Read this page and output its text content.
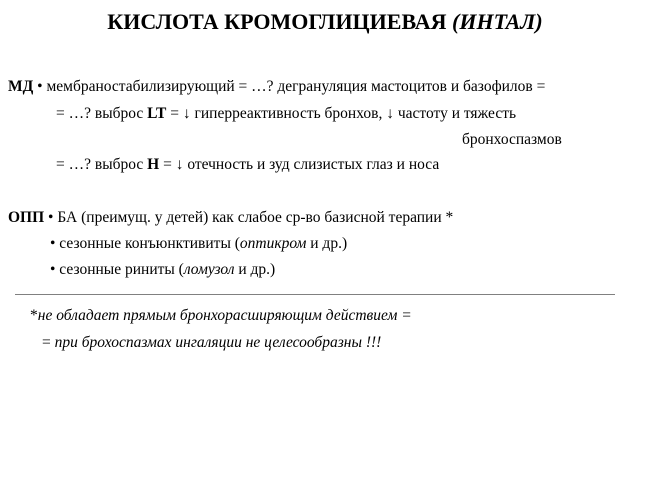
КИСЛОТА КРОМОГЛИЦИЕВАЯ (ИНТАЛ)
МД • мембраностабилизирующий = …? дегрануляция мастоцитов и базофилов =
= …? выброс LT = ↓ гиперреактивность бронхов, ↓ частоту и тяжесть
бронхоспазмов
= …? выброс H = ↓ отечность и зуд слизистых глаз и носа
ОПП • БА (преимущ. у детей) как слабое ср-во базисной терапии *
• сезонные конъюнктивиты (оптикром и др.)
• сезонные риниты (ломузол и др.)
*не обладает прямым бронхорасширяющим действием =
= при брохоспазмах ингаляции не целесообразны !!!
